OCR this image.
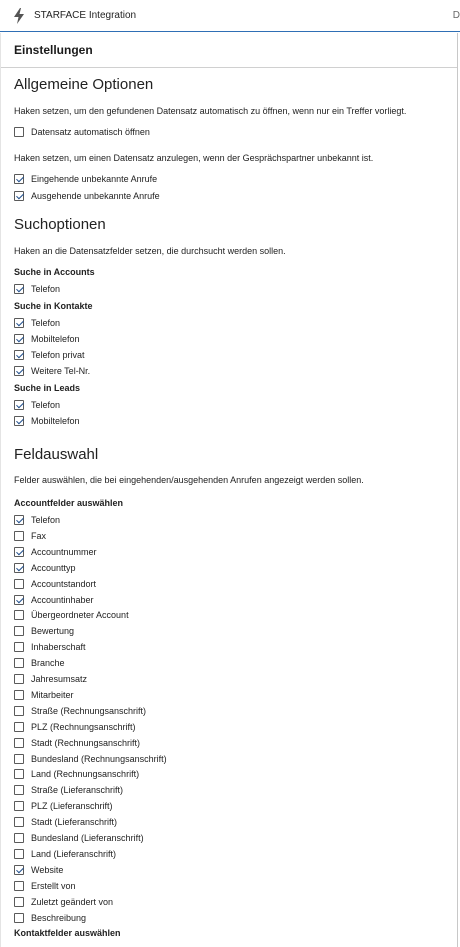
STARFACE Integration	D
Einstellungen
Allgemeine Optionen
Haken setzen, um den gefundenen Datensatz automatisch zu öffnen, wenn nur ein Treffer vorliegt.
Datensatz automatisch öffnen
Haken setzen, um einen Datensatz anzulegen, wenn der Gesprächspartner unbekannt ist.
Eingehende unbekannte Anrufe
Ausgehende unbekannte Anrufe
Suchoptionen
Haken an die Datensatzfelder setzen, die durchsucht werden sollen.
Suche in Accounts
Telefon
Suche in Kontakte
Telefon
Mobiltelefon
Telefon privat
Weitere Tel-Nr.
Suche in Leads
Telefon
Mobiltelefon
Feldauswahl
Felder auswählen, die bei eingehenden/ausgehenden Anrufen angezeigt werden sollen.
Accountfelder auswählen
Telefon
Fax
Accountnummer
Accounttyp
Accountstandort
Accountinhaber
Übergeordneter Account
Bewertung
Inhaberschaft
Branche
Jahresumsatz
Mitarbeiter
Straße (Rechnungsanschrift)
PLZ (Rechnungsanschrift)
Stadt (Rechnungsanschrift)
Bundesland (Rechnungsanschrift)
Land (Rechnungsanschrift)
Straße (Lieferanschrift)
PLZ (Lieferanschrift)
Stadt (Lieferanschrift)
Bundesland (Lieferanschrift)
Land (Lieferanschrift)
Website
Erstellt von
Zuletzt geändert von
Beschreibung
Kontaktfelder auswählen
